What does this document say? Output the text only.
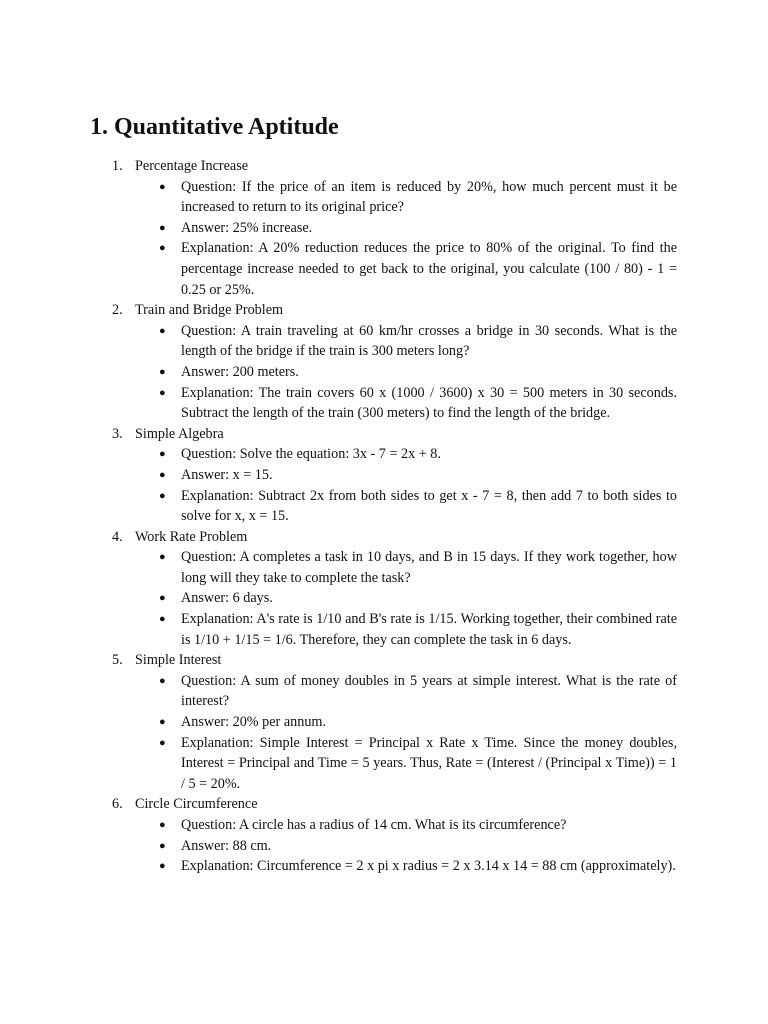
1. Quantitative Aptitude
1. Percentage Increase
● Question: If the price of an item is reduced by 20%, how much percent must it be increased to return to its original price?
● Answer: 25% increase.
● Explanation: A 20% reduction reduces the price to 80% of the original. To find the percentage increase needed to get back to the original, you calculate (100 / 80) - 1 = 0.25 or 25%.
2. Train and Bridge Problem
● Question: A train traveling at 60 km/hr crosses a bridge in 30 seconds. What is the length of the bridge if the train is 300 meters long?
● Answer: 200 meters.
● Explanation: The train covers 60 x (1000 / 3600) x 30 = 500 meters in 30 seconds. Subtract the length of the train (300 meters) to find the length of the bridge.
3. Simple Algebra
● Question: Solve the equation: 3x - 7 = 2x + 8.
● Answer: x = 15.
● Explanation: Subtract 2x from both sides to get x - 7 = 8, then add 7 to both sides to solve for x, x = 15.
4. Work Rate Problem
● Question: A completes a task in 10 days, and B in 15 days. If they work together, how long will they take to complete the task?
● Answer: 6 days.
● Explanation: A's rate is 1/10 and B's rate is 1/15. Working together, their combined rate is 1/10 + 1/15 = 1/6. Therefore, they can complete the task in 6 days.
5. Simple Interest
● Question: A sum of money doubles in 5 years at simple interest. What is the rate of interest?
● Answer: 20% per annum.
● Explanation: Simple Interest = Principal x Rate x Time. Since the money doubles, Interest = Principal and Time = 5 years. Thus, Rate = (Interest / (Principal x Time)) = 1 / 5 = 20%.
6. Circle Circumference
● Question: A circle has a radius of 14 cm. What is its circumference?
● Answer: 88 cm.
● Explanation: Circumference = 2 x pi x radius = 2 x 3.14 x 14 = 88 cm (approximately).
